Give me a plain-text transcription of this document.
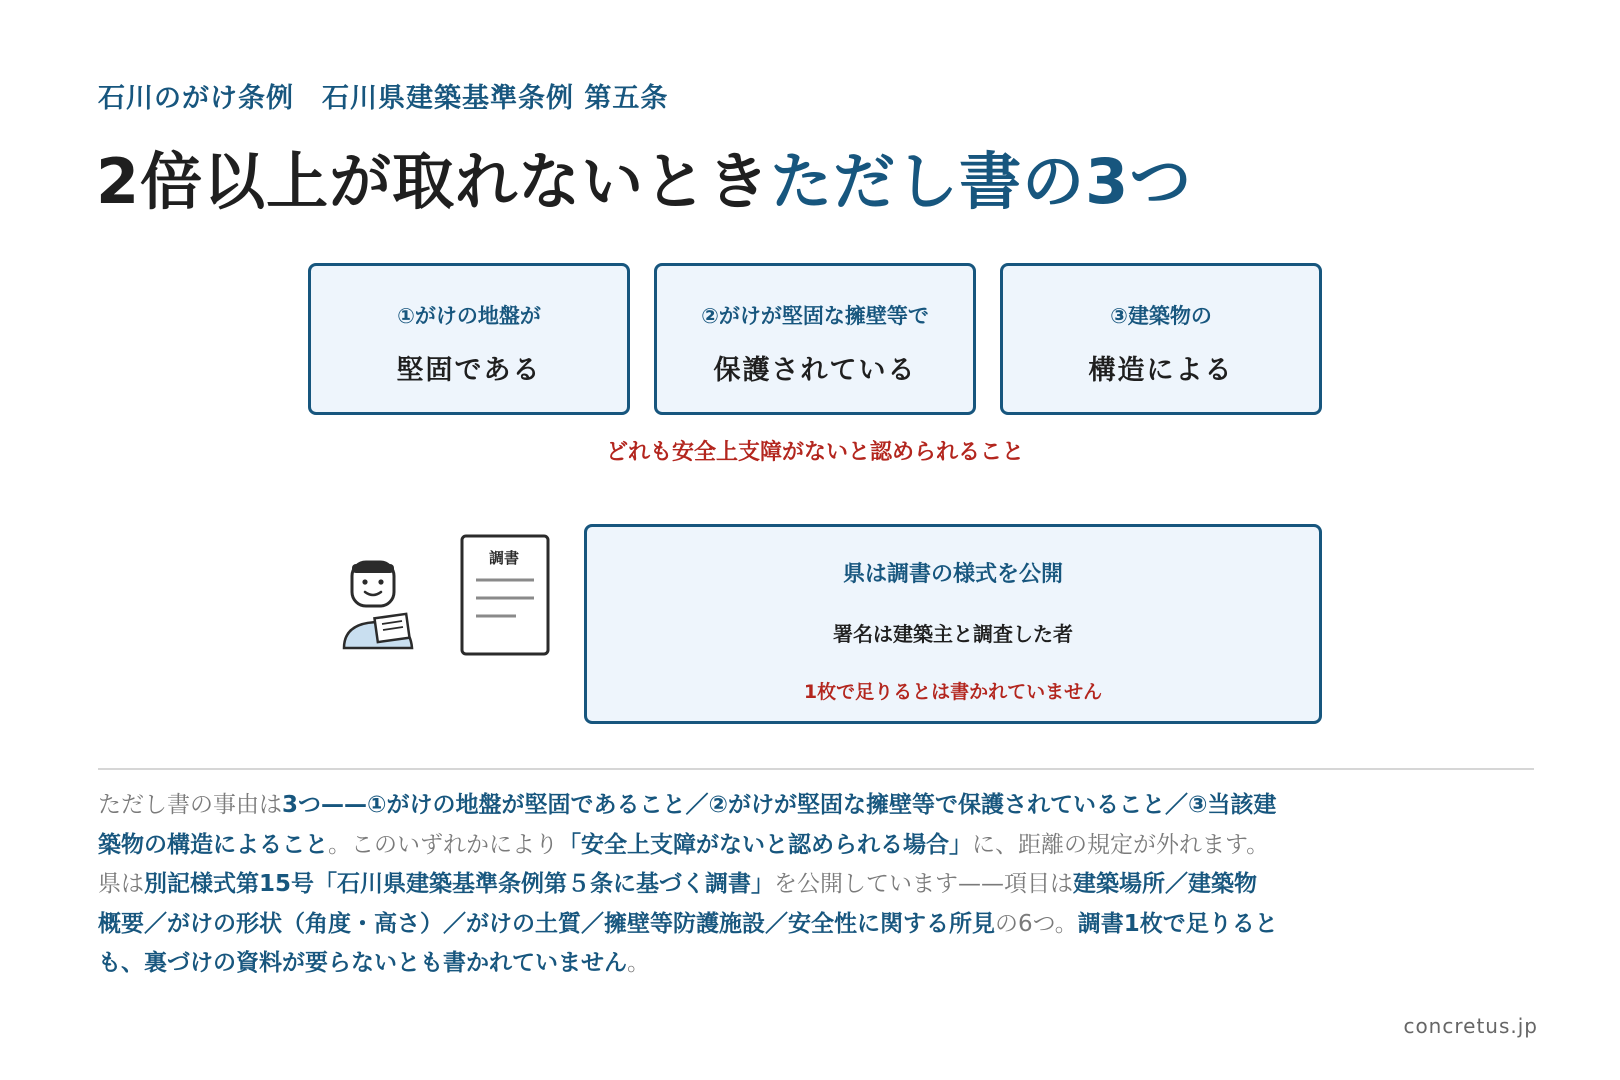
石川のがけ条例　石川県建築基準条例 第五条
2倍以上が取れないときただし書の3つ
①がけの地盤が
堅固である
②がけが堅固な擁壁等で
保護されている
③建築物の
構造による
どれも安全上支障がないと認められること
調書
県は調書の様式を公開
署名は建築主と調査した者
1枚で足りるとは書かれていません
ただし書の事由は3つ——①がけの地盤が堅固であること／②がけが堅固な擁壁等で保護されていること／③当該建築物の構造によること。このいずれかにより「安全上支障がないと認められる場合」に、距離の規定が外れます。県は別記様式第15号「石川県建築基準条例第５条に基づく調書」を公開しています——項目は建築場所／建築物概要／がけの形状（角度・高さ）／がけの土質／擁壁等防護施設／安全性に関する所見の6つ。調書1枚で足りるとも、裏づけの資料が要らないとも書かれていません。
concretus.jp
